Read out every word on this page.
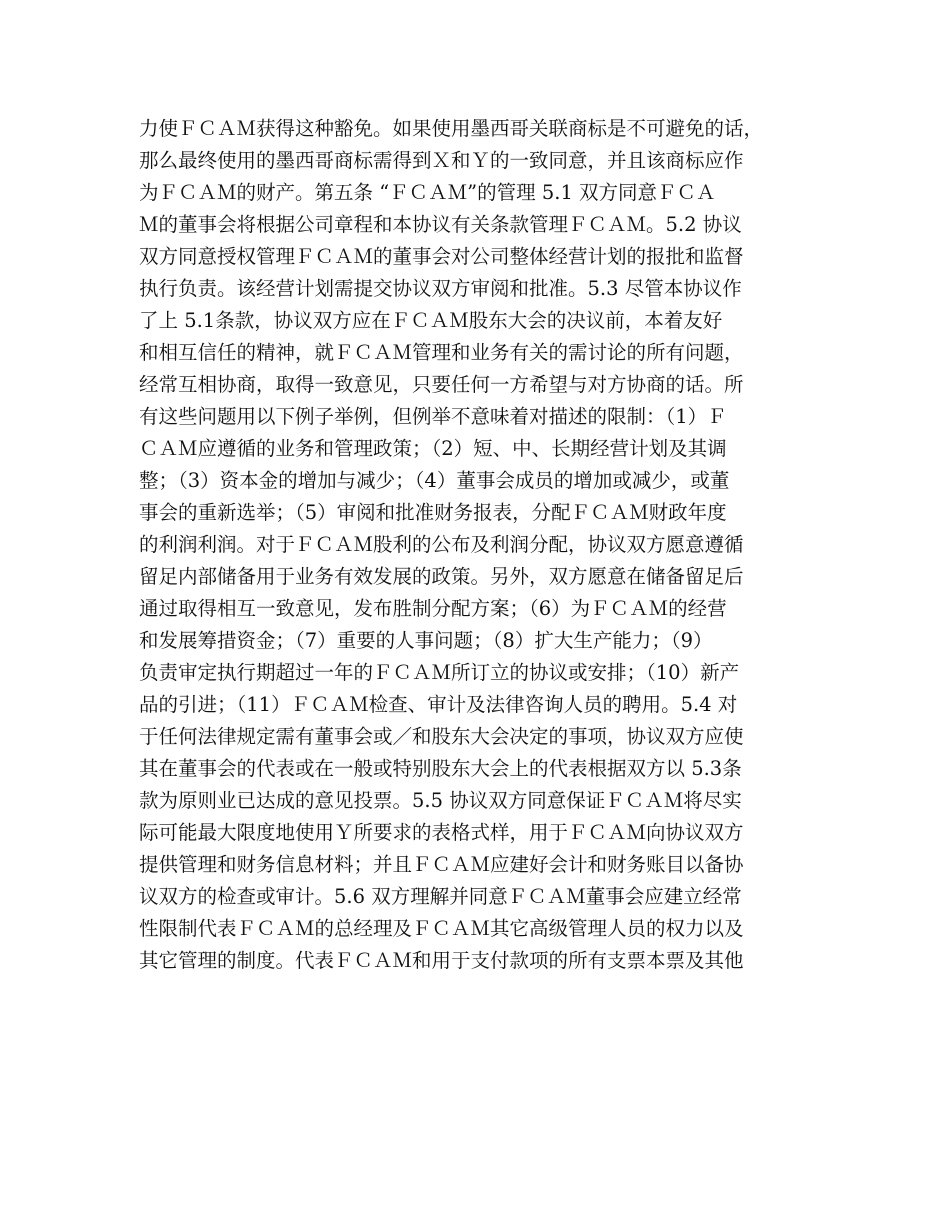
力使ＦＣＡＭ获得这种豁免。如果使用墨西哥关联商标是不可避免的话，
那么最终使用的墨西哥商标需得到Ｘ和Ｙ的一致同意，并且该商标应作
为ＦＣＡＭ的财产。第五条 “ＦＣＡＭ”的管理 5.1 双方同意ＦＣＡ
Ｍ的董事会将根据公司章程和本协议有关条款管理ＦＣＡＭ。5.2 协议
双方同意授权管理ＦＣＡＭ的董事会对公司整体经营计划的报批和监督
执行负责。该经营计划需提交协议双方审阅和批准。5.3 尽管本协议作
了上 5.1条款，协议双方应在ＦＣＡＭ股东大会的决议前，本着友好
和相互信任的精神，就ＦＣＡＭ管理和业务有关的需讨论的所有问题，
经常互相协商，取得一致意见，只要任何一方希望与对方协商的话。所
有这些问题用以下例子举例，但例举不意味着对描述的限制：（1）Ｆ
ＣＡＭ应遵循的业务和管理政策；（2）短、中、长期经营计划及其调
整；（3）资本金的增加与减少；（4）董事会成员的增加或减少，或董
事会的重新选举；（5）审阅和批准财务报表，分配ＦＣＡＭ财政年度
的利润利润。对于ＦＣＡＭ股利的公布及利润分配，协议双方愿意遵循
留足内部储备用于业务有效发展的政策。另外，双方愿意在储备留足后
通过取得相互一致意见，发布胜制分配方案；（6）为ＦＣＡＭ的经营
和发展筹措资金；（7）重要的人事问题；（8）扩大生产能力；（9）
负责审定执行期超过一年的ＦＣＡＭ所订立的协议或安排；（10）新产
品的引进；（11）ＦＣＡＭ检查、审计及法律咨询人员的聘用。5.4 对
于任何法律规定需有董事会或／和股东大会决定的事项，协议双方应使
其在董事会的代表或在一般或特别股东大会上的代表根据双方以 5.3条
款为原则业已达成的意见投票。5.5 协议双方同意保证ＦＣＡＭ将尽实
际可能最大限度地使用Ｙ所要求的表格式样，用于ＦＣＡＭ向协议双方
提供管理和财务信息材料；并且ＦＣＡＭ应建好会计和财务账目以备协
议双方的检查或审计。5.6 双方理解并同意ＦＣＡＭ董事会应建立经常
性限制代表ＦＣＡＭ的总经理及ＦＣＡＭ其它高级管理人员的权力以及
其它管理的制度。代表ＦＣＡＭ和用于支付款项的所有支票本票及其他
